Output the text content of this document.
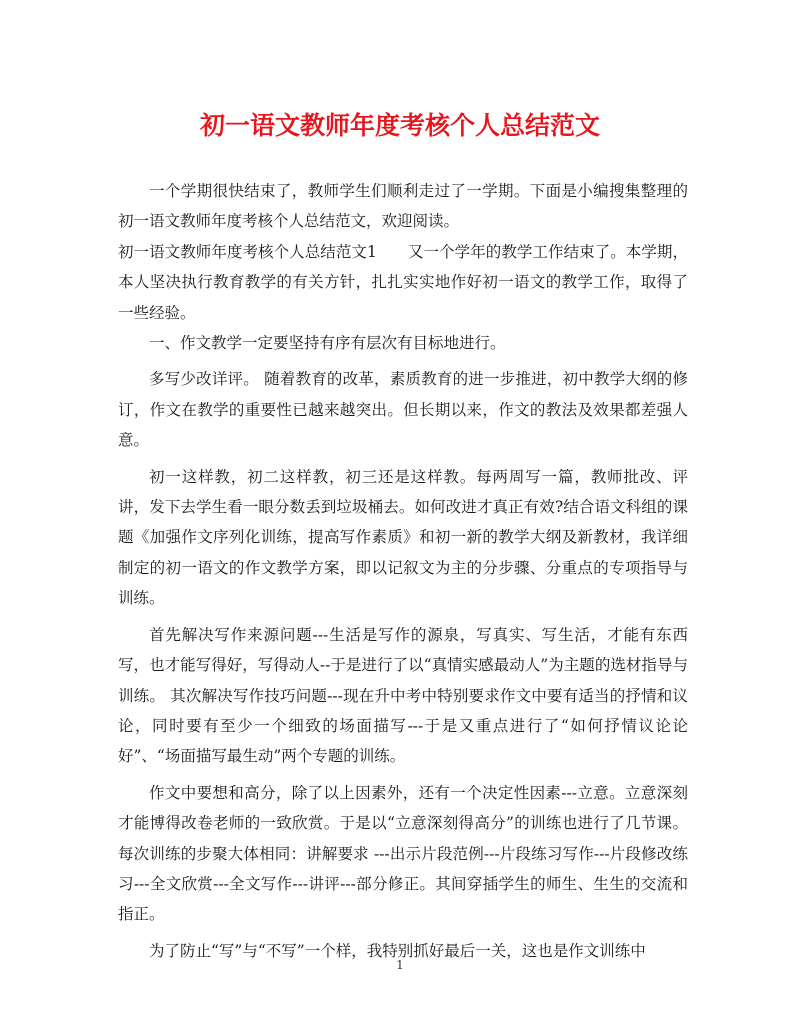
初一语文教师年度考核个人总结范文

一个学期很快结束了，教师学生们顺利走过了一学期。下面是小编搜集整理的初一语文教师年度考核个人总结范文，欢迎阅读。

初一语文教师年度考核个人总结范文1　　又一个学年的教学工作结束了。本学期，本人坚决执行教育教学的有关方针，扎扎实实地作好初一语文的教学工作，取得了一些经验。

一、作文教学一定要坚持有序有层次有目标地进行。

多写少改详评。 随着教育的改革，素质教育的进一步推进，初中教学大纲的修订，作文在教学的重要性已越来越突出。但长期以来，作文的教法及效果都差强人意。

初一这样教，初二这样教，初三还是这样教。每两周写一篇，教师批改、评讲，发下去学生看一眼分数丢到垃圾桶去。如何改进才真正有效?结合语文科组的课题《加强作文序列化训练，提高写作素质》和初一新的教学大纲及新教材，我详细制定的初一语文的作文教学方案，即以记叙文为主的分步骤、分重点的专项指导与训练。

首先解决写作来源问题---生活是写作的源泉，写真实、写生活，才能有东西写，也才能写得好，写得动人--于是进行了以“真情实感最动人”为主题的选材指导与训练。 其次解决写作技巧问题---现在升中考中特别要求作文中要有适当的抒情和议论，同时要有至少一个细致的场面描写---于是又重点进行了“如何抒情议论论好”、“场面描写最生动”两个专题的训练。

作文中要想和高分，除了以上因素外，还有一个决定性因素---立意。立意深刻才能博得改卷老师的一致欣赏。于是以“立意深刻得高分”的训练也进行了几节课。每次训练的步聚大体相同：讲解要求 ---出示片段范例---片段练习写作---片段修改练习---全文欣赏---全文写作---讲评---部分修正。其间穿插学生的师生、生生的交流和指正。

为了防止“写”与“不写”一个样，我特别抓好最后一关，这也是作文训练中

1
